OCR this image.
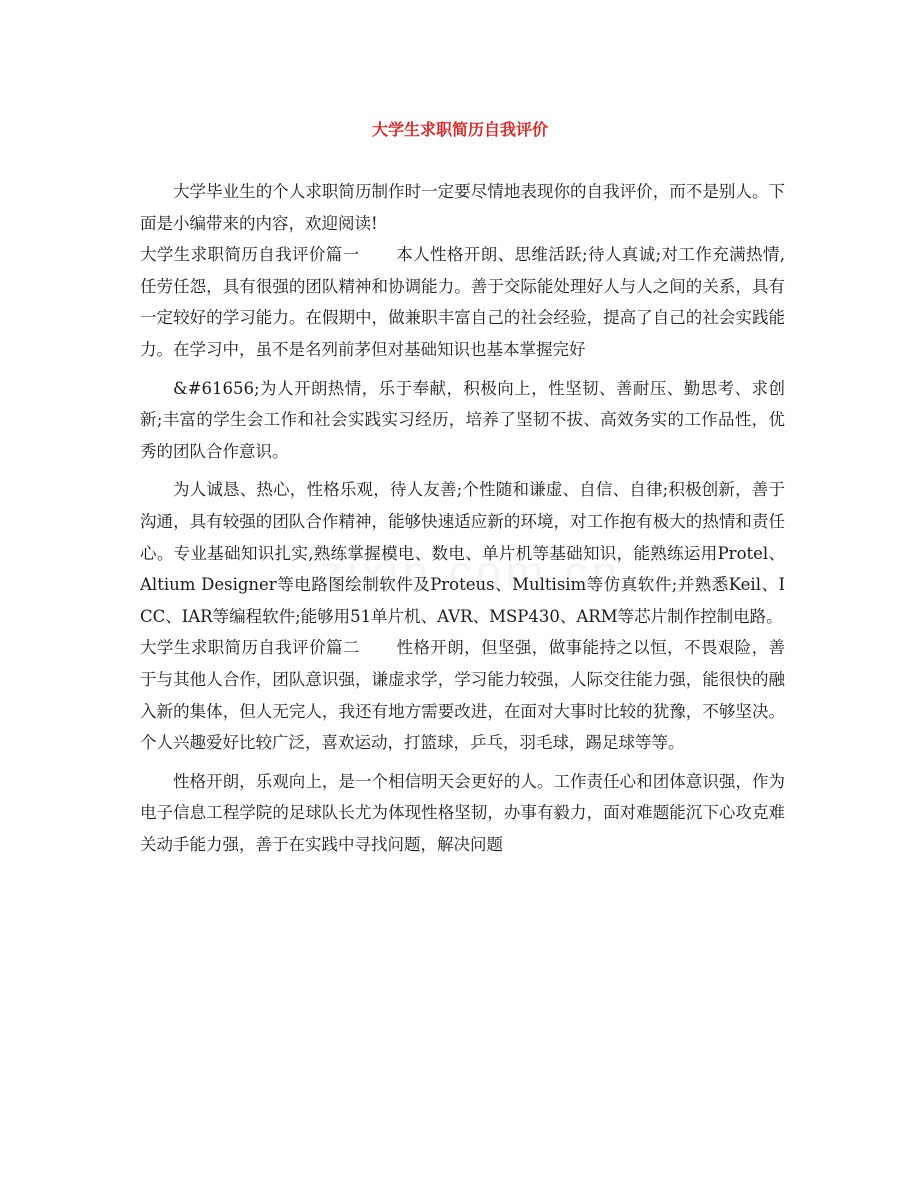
大学生求职简历自我评价

大学毕业生的个人求职简历制作时一定要尽情地表现你的自我评价，而不是别人。下面是小编带来的内容，欢迎阅读!

大学生求职简历自我评价篇一 本人性格开朗、思维活跃;待人真诚;对工作充满热情,任劳任怨，具有很强的团队精神和协调能力。善于交际能处理好人与人之间的关系，具有一定较好的学习能力。在假期中，做兼职丰富自己的社会经验，提高了自己的社会实践能力。在学习中，虽不是名列前茅但对基础知识也基本掌握完好

&#61656;为人开朗热情，乐于奉献，积极向上，性坚韧、善耐压、勤思考、求创新;丰富的学生会工作和社会实践实习经历，培养了坚韧不拔、高效务实的工作品性，优秀的团队合作意识。

为人诚恳、热心，性格乐观，待人友善;个性随和谦虚、自信、自律;积极创新，善于沟通，具有较强的团队合作精神，能够快速适应新的环境，对工作抱有极大的热情和责任心。专业基础知识扎实,熟练掌握模电、数电、单片机等基础知识，能熟练运用Protel、Altium Designer等电路图绘制软件及Proteus、Multisim等仿真软件;并熟悉Keil、ICC、IAR等编程软件;能够用51单片机、AVR、MSP430、ARM等芯片制作控制电路。

大学生求职简历自我评价篇二 性格开朗，但坚强，做事能持之以恒，不畏艰险，善于与其他人合作，团队意识强，谦虚求学，学习能力较强，人际交往能力强，能很快的融入新的集体，但人无完人，我还有地方需要改进，在面对大事时比较的犹豫，不够坚决。个人兴趣爱好比较广泛，喜欢运动，打篮球，乒乓，羽毛球，踢足球等等。

性格开朗，乐观向上，是一个相信明天会更好的人。工作责任心和团体意识强，作为电子信息工程学院的足球队长尤为体现性格坚韧，办事有毅力，面对难题能沉下心攻克难关动手能力强，善于在实践中寻找问题，解决问题
